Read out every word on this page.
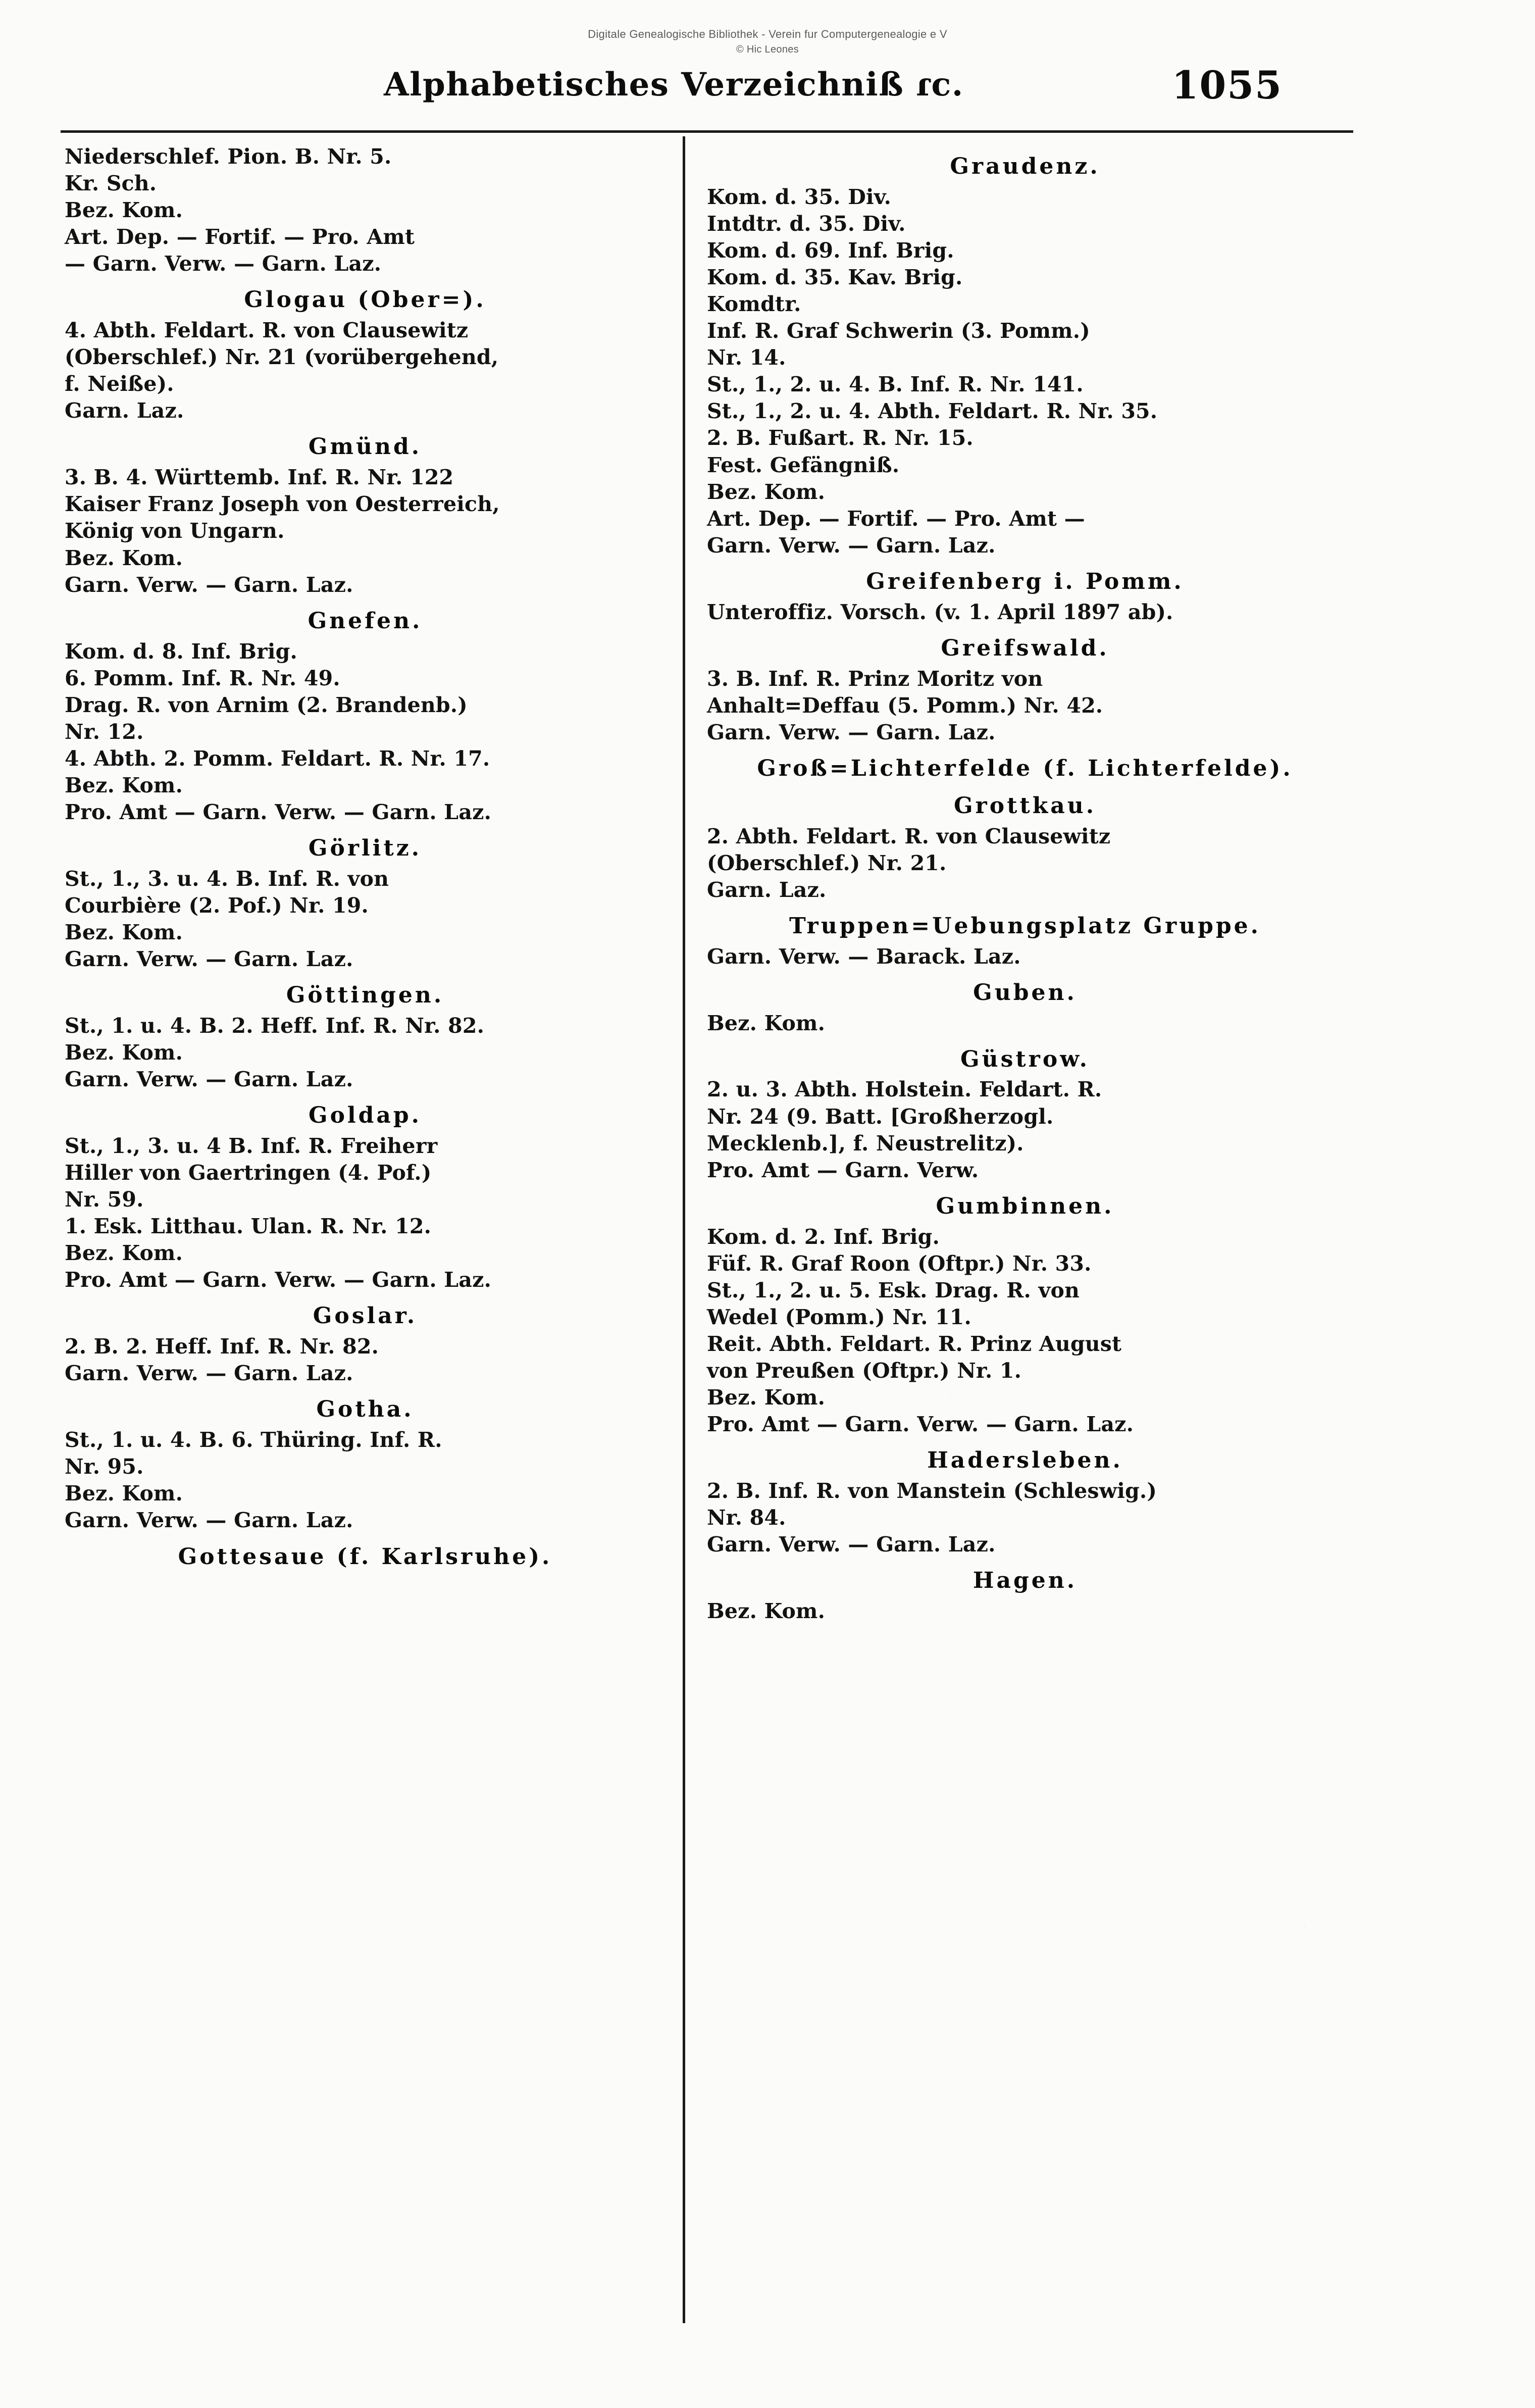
Digitale Genealogische Bibliothek - Verein fur Computergenealogie e V
© Hic Leones
Alphabetisches Verzeichniß ɾc.	1055
Niederschlef. Pion. B. Nr. 5.
Kr. Sch.
Bez. Kom.
Art. Dep. — Fortif. — Pro. Amt
— Garn. Verw. — Garn. Laz.
Glogau (Ober=).
4. Abth. Feldart. R. von Clausewitz
(Oberschlef.) Nr. 21 (vorübergehend,
f. Neiße).
Garn. Laz.
Gmünd.
3. B. 4. Württemb. Inf. R. Nr. 122
Kaiser Franz Joseph von Oesterreich,
König von Ungarn.
Bez. Kom.
Garn. Verw. — Garn. Laz.
Gnefen.
Kom. d. 8. Inf. Brig.
6. Pomm. Inf. R. Nr. 49.
Drag. R. von Arnim (2. Brandenb.)
Nr. 12.
4. Abth. 2. Pomm. Feldart. R. Nr. 17.
Bez. Kom.
Pro. Amt — Garn. Verw. — Garn. Laz.
Görlitz.
St., 1., 3. u. 4. B. Inf. R. von
Courbière (2. Pof.) Nr. 19.
Bez. Kom.
Garn. Verw. — Garn. Laz.
Göttingen.
St., 1. u. 4. B. 2. Heff. Inf. R. Nr. 82.
Bez. Kom.
Garn. Verw. — Garn. Laz.
Goldap.
St., 1., 3. u. 4 B. Inf. R. Freiherr
Hiller von Gaertringen (4. Pof.)
Nr. 59.
1. Esk. Litthau. Ulan. R. Nr. 12.
Bez. Kom.
Pro. Amt — Garn. Verw. — Garn. Laz.
Goslar.
2. B. 2. Heff. Inf. R. Nr. 82.
Garn. Verw. — Garn. Laz.
Gotha.
St., 1. u. 4. B. 6. Thüring. Inf. R.
Nr. 95.
Bez. Kom.
Garn. Verw. — Garn. Laz.
Gottesaue (f. Karlsruhe).
Graudenz.
Kom. d. 35. Div.
Intdtr. d. 35. Div.
Kom. d. 69. Inf. Brig.
Kom. d. 35. Kav. Brig.
Komdtr.
Inf. R. Graf Schwerin (3. Pomm.)
Nr. 14.
St., 1., 2. u. 4. B. Inf. R. Nr. 141.
St., 1., 2. u. 4. Abth. Feldart. R. Nr. 35.
2. B. Fußart. R. Nr. 15.
Fest. Gefängniß.
Bez. Kom.
Art. Dep. — Fortif. — Pro. Amt —
Garn. Verw. — Garn. Laz.
Greifenberg i. Pomm.
Unteroffiz. Vorsch. (v. 1. April 1897 ab).
Greifswald.
3. B. Inf. R. Prinz Moritz von
Anhalt=Deffau (5. Pomm.) Nr. 42.
Garn. Verw. — Garn. Laz.
Groß=Lichterfelde (f. Lichterfelde).
Grottkau.
2. Abth. Feldart. R. von Clausewitz
(Oberschlef.) Nr. 21.
Garn. Laz.
Truppen=Uebungsplatz Gruppe.
Garn. Verw. — Barack. Laz.
Guben.
Bez. Kom.
Güstrow.
2. u. 3. Abth. Holstein. Feldart. R.
Nr. 24 (9. Batt. [Großherzogl.
Mecklenb.], f. Neustrelitz).
Pro. Amt — Garn. Verw.
Gumbinnen.
Kom. d. 2. Inf. Brig.
Füf. R. Graf Roon (Oftpr.) Nr. 33.
St., 1., 2. u. 5. Esk. Drag. R. von
Wedel (Pomm.) Nr. 11.
Reit. Abth. Feldart. R. Prinz August
von Preußen (Oftpr.) Nr. 1.
Bez. Kom.
Pro. Amt — Garn. Verw. — Garn. Laz.
Hadersleben.
2. B. Inf. R. von Manstein (Schleswig.)
Nr. 84.
Garn. Verw. — Garn. Laz.
Hagen.
Bez. Kom.
